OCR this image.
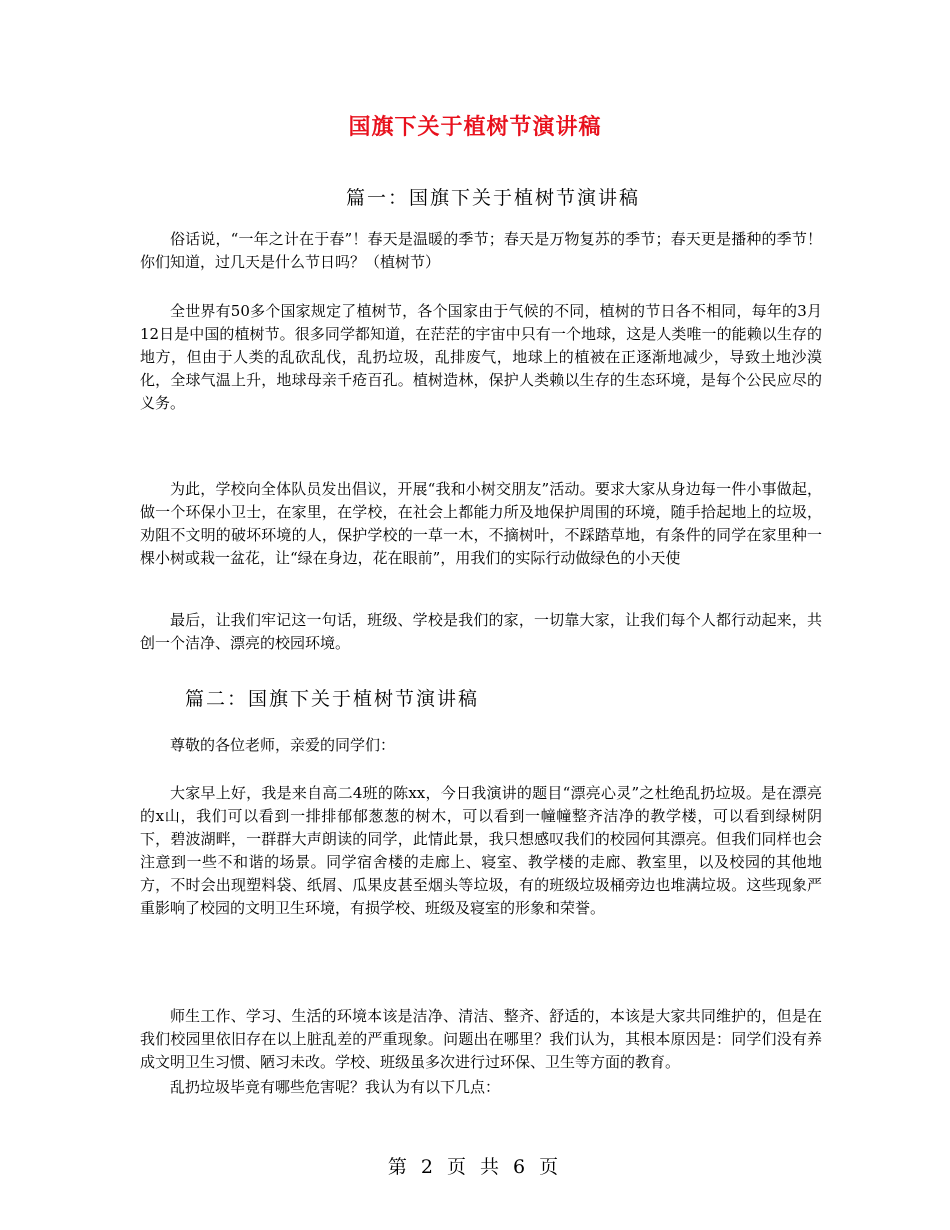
国旗下关于植树节演讲稿
篇一：国旗下关于植树节演讲稿

俗话说，“一年之计在于春”！春天是温暖的季节；春天是万物复苏的季节；春天更是播种的季节！你们知道，过几天是什么节日吗？（植树节）

全世界有50多个国家规定了植树节，各个国家由于气候的不同，植树的节日各不相同，每年的3月12日是中国的植树节。很多同学都知道，在茫茫的宇宙中只有一个地球，这是人类唯一的能赖以生存的地方，但由于人类的乱砍乱伐，乱扔垃圾，乱排废气，地球上的植被在正逐渐地减少，导致土地沙漠化，全球气温上升，地球母亲千疮百孔。植树造林，保护人类赖以生存的生态环境，是每个公民应尽的义务。

为此，学校向全体队员发出倡议，开展“我和小树交朋友”活动。要求大家从身边每一件小事做起，做一个环保小卫士，在家里，在学校，在社会上都能力所及地保护周围的环境，随手拾起地上的垃圾，劝阻不文明的破坏环境的人，保护学校的一草一木，不摘树叶，不踩踏草地，有条件的同学在家里种一棵小树或栽一盆花，让“绿在身边，花在眼前”，用我们的实际行动做绿色的小天使

最后，让我们牢记这一句话，班级、学校是我们的家，一切靠大家，让我们每个人都行动起来，共创一个洁净、漂亮的校园环境。

篇二：国旗下关于植树节演讲稿

尊敬的各位老师，亲爱的同学们：

大家早上好，我是来自高二4班的陈xx，今日我演讲的题目“漂亮心灵”之杜绝乱扔垃圾。是在漂亮的x山，我们可以看到一排排郁郁葱葱的树木，可以看到一幢幢整齐洁净的教学楼，可以看到绿树阴下，碧波湖畔，一群群大声朗读的同学，此情此景，我只想感叹我们的校园何其漂亮。但我们同样也会注意到一些不和谐的场景。同学宿舍楼的走廊上、寝室、教学楼的走廊、教室里，以及校园的其他地方，不时会出现塑料袋、纸屑、瓜果皮甚至烟头等垃圾，有的班级垃圾桶旁边也堆满垃圾。这些现象严重影响了校园的文明卫生环境，有损学校、班级及寝室的形象和荣誉。

师生工作、学习、生活的环境本该是洁净、清洁、整齐、舒适的，本该是大家共同维护的，但是在我们校园里依旧存在以上脏乱差的严重现象。问题出在哪里？我们认为，其根本原因是：同学们没有养成文明卫生习惯、陋习未改。学校、班级虽多次进行过环保、卫生等方面的教育。

乱扔垃圾毕竟有哪些危害呢？我认为有以下几点：

第 2 页 共 6 页
